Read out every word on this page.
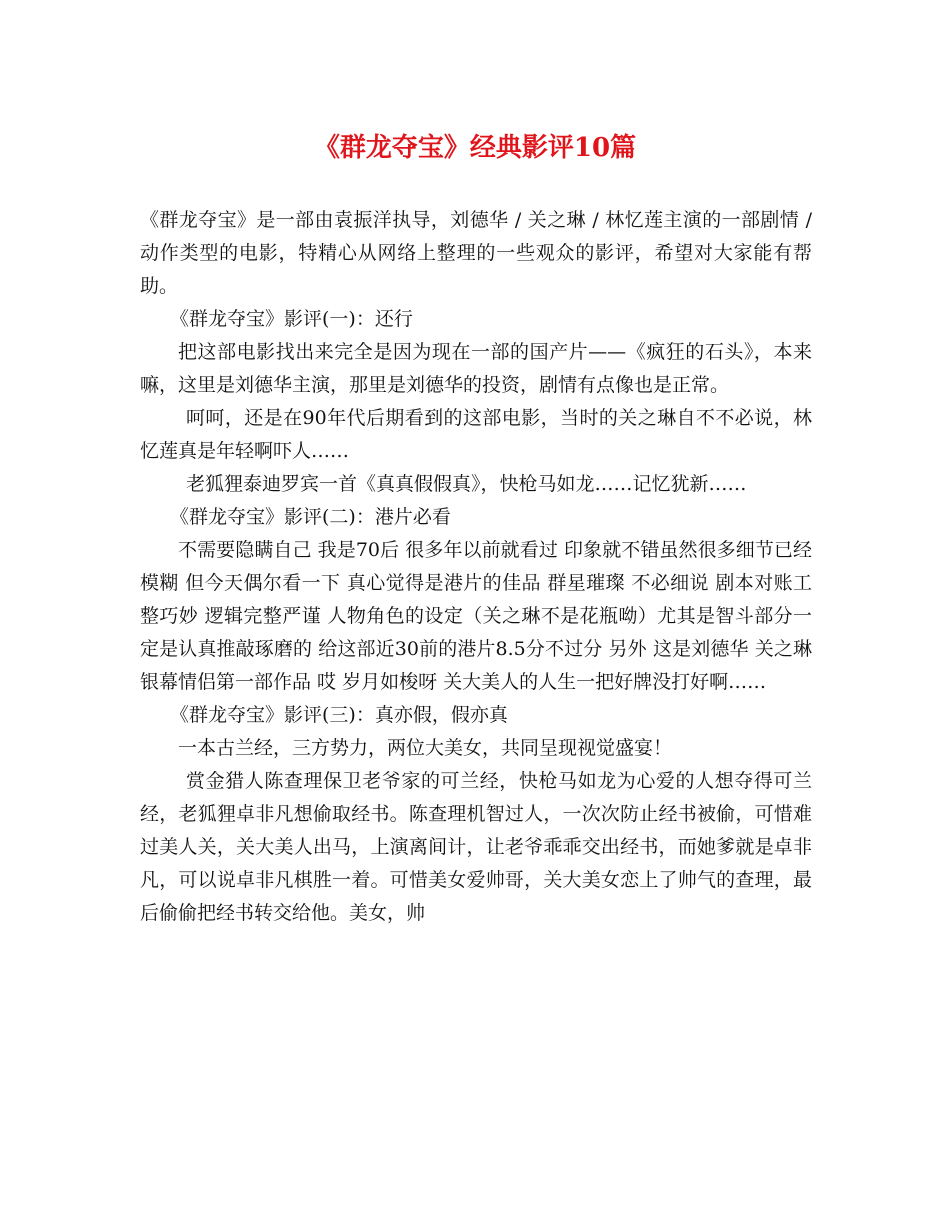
《群龙夺宝》经典影评10篇

《群龙夺宝》是一部由袁振洋执导，刘德华 / 关之琳 / 林忆莲主演的一部剧情 / 动作类型的电影，特精心从网络上整理的一些观众的影评，希望对大家能有帮助。

《群龙夺宝》影评(一)：还行

把这部电影找出来完全是因为现在一部的国产片——《疯狂的石头》，本来嘛，这里是刘德华主演，那里是刘德华的投资，剧情有点像也是正常。

呵呵，还是在90年代后期看到的这部电影，当时的关之琳自不不必说，林忆莲真是年轻啊吓人……

老狐狸泰迪罗宾一首《真真假假真》，快枪马如龙……记忆犹新……

《群龙夺宝》影评(二)：港片必看

不需要隐瞒自己 我是70后 很多年以前就看过 印象就不错虽然很多细节已经模糊 但今天偶尔看一下 真心觉得是港片的佳品 群星璀璨 不必细说 剧本对账工整巧妙 逻辑完整严谨 人物角色的设定（关之琳不是花瓶呦）尤其是智斗部分一定是认真推敲琢磨的 给这部近30前的港片8.5分不过分 另外 这是刘德华 关之琳 银幕情侣第一部作品 哎 岁月如梭呀 关大美人的人生一把好牌没打好啊……

《群龙夺宝》影评(三)：真亦假，假亦真

一本古兰经，三方势力，两位大美女，共同呈现视觉盛宴！

赏金猎人陈查理保卫老爷家的可兰经，快枪马如龙为心爱的人想夺得可兰经，老狐狸卓非凡想偷取经书。陈查理机智过人，一次次防止经书被偷，可惜难过美人关，关大美人出马，上演离间计，让老爷乖乖交出经书，而她爹就是卓非凡，可以说卓非凡棋胜一着。可惜美女爱帅哥，关大美女恋上了帅气的查理，最后偷偷把经书转交给他。美女，帅
